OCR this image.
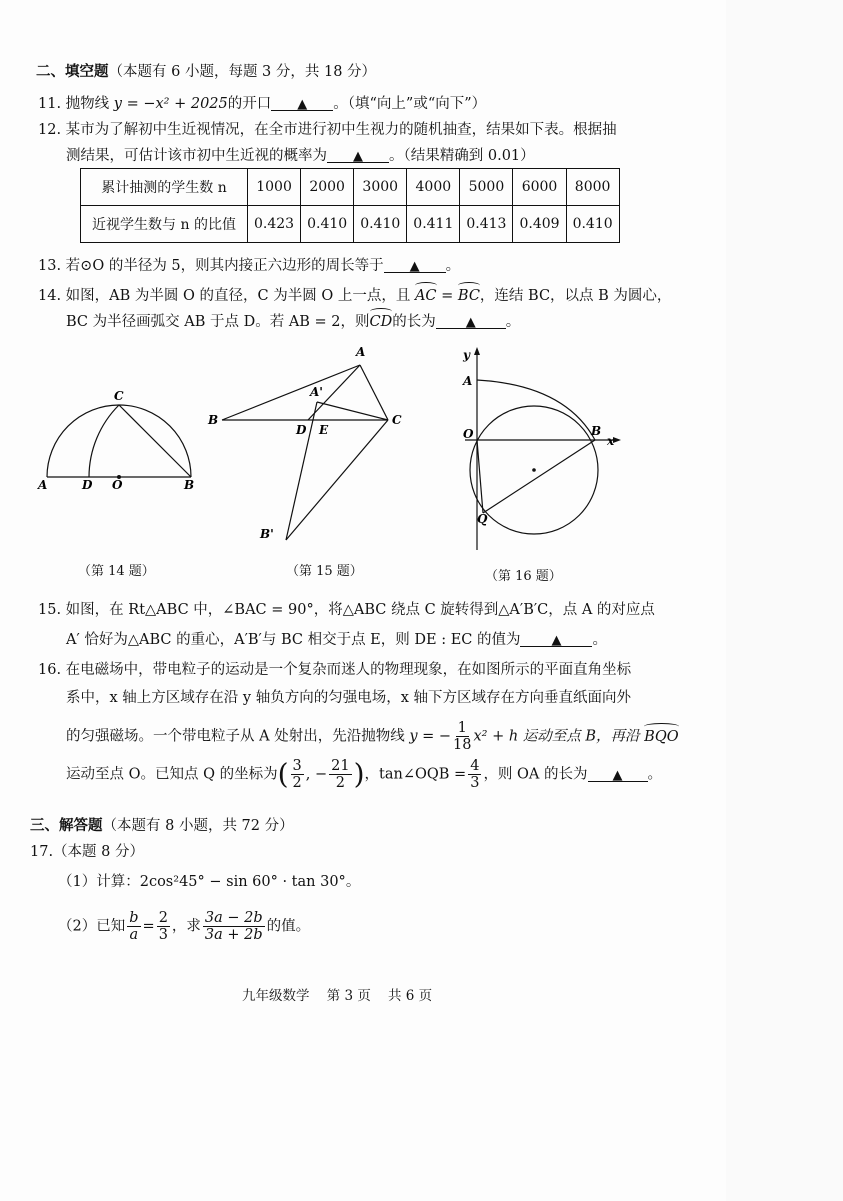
二、填空题（本题有 6 小题，每题 3 分，共 18 分）
11. 抛物线 y = −x² + 2025的开口 ▲ 。（填“向上”或“向下”）
12. 某市为了解初中生近视情况，在全市进行初中生视力的随机抽查，结果如下表。根据抽
测结果，可估计该市初中生近视的概率为 ▲ 。（结果精确到 0.01）
累计抽测的学生数 n	1000	2000	3000	4000	5000	6000	8000
近视学生数与 n 的比值	0.423	0.410	0.410	0.411	0.413	0.409	0.410
13. 若⊙O 的半径为 5，则其内接正六边形的周长等于 ▲ 。
14. 如图，AB 为半圆 O 的直径，C 为半圆 O 上一点，且 AC = BC，连结 BC，以点 B 为圆心，
BC 为半径画弧交 AB 于点 D。若 AB = 2，则CD的长为 ▲ 。
C
A	D O	B
（第 14 题）
A
A'
B
D E
C
B'
（第 15 题）
y
A
O	B
x
Q
（第 16 题）
15. 如图，在 Rt△ABC 中，∠BAC = 90°，将△ABC 绕点 C 旋转得到△A′B′C，点 A 的对应点
A′ 恰好为△ABC 的重心，A′B′与 BC 相交于点 E，则 DE : EC 的值为 ▲ 。
16. 在电磁场中，带电粒子的运动是一个复杂而迷人的物理现象，在如图所示的平面直角坐标
系中，x 轴上方区域存在沿 y 轴负方向的匀强电场，x 轴下方区域存在方向垂直纸面向外
的匀强磁场。一个带电粒子从 A 处射出，先沿抛物线 y = − $\frac{1}{18} x^2 + h$ 运动至点 B，再沿 BQO
运动至点 O。已知点 Q 的坐标为( $\frac{3}{2}$ , − $\frac{21}{2}$ )，tan∠OQB = $\frac{4}{3}$ ，则 OA 的长为 ▲ 。
三、解答题（本题有 8 小题，共 72 分）
17.（本题 8 分）
（1）计算：2cos²45° − sin 60° · tan 30°。
（2）已知 $\frac{b}{a} = \frac{2}{3}$ ，求 $\frac{3a - 2b}{3a + 2b}$ 的值。
九年级数学    第 3 页    共 6 页
